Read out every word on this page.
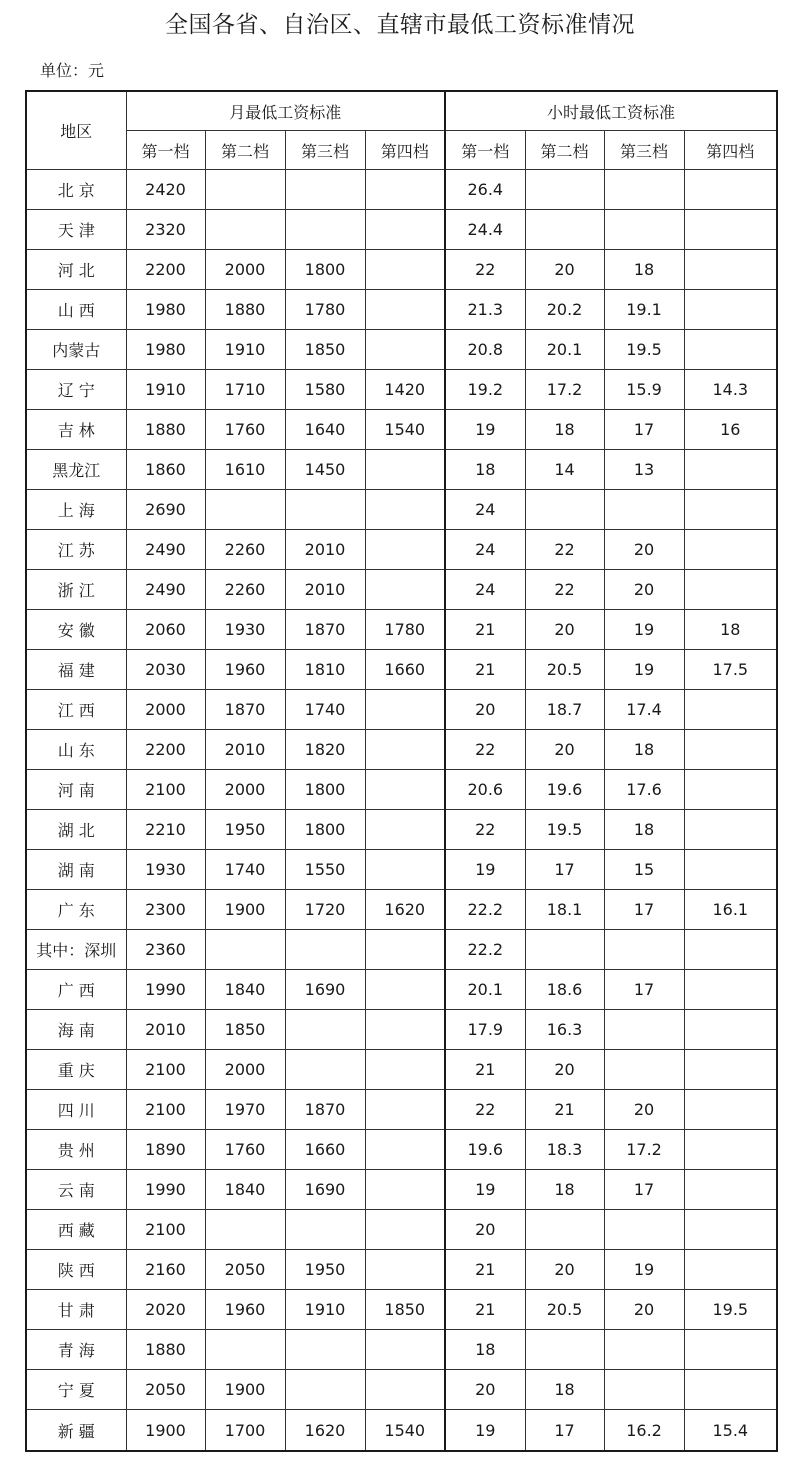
全国各省、自治区、直辖市最低工资标准情况
单位：元
地区	月最低工资标准				小时最低工资标准			
	第一档	第二档	第三档	第四档	第一档	第二档	第三档	第四档
北 京	2420				26.4			
天 津	2320				24.4			
河 北	2200	2000	1800		22	20	18	
山 西	1980	1880	1780		21.3	20.2	19.1	
内蒙古	1980	1910	1850		20.8	20.1	19.5	
辽 宁	1910	1710	1580	1420	19.2	17.2	15.9	14.3
吉 林	1880	1760	1640	1540	19	18	17	16
黑龙江	1860	1610	1450		18	14	13	
上 海	2690				24			
江 苏	2490	2260	2010		24	22	20	
浙 江	2490	2260	2010		24	22	20	
安 徽	2060	1930	1870	1780	21	20	19	18
福 建	2030	1960	1810	1660	21	20.5	19	17.5
江 西	2000	1870	1740		20	18.7	17.4	
山 东	2200	2010	1820		22	20	18	
河 南	2100	2000	1800		20.6	19.6	17.6	
湖 北	2210	1950	1800		22	19.5	18	
湖 南	1930	1740	1550		19	17	15	
广 东	2300	1900	1720	1620	22.2	18.1	17	16.1
其中：深圳	2360				22.2			
广 西	1990	1840	1690		20.1	18.6	17	
海 南	2010	1850			17.9	16.3		
重 庆	2100	2000			21	20		
四 川	2100	1970	1870		22	21	20	
贵 州	1890	1760	1660		19.6	18.3	17.2	
云 南	1990	1840	1690		19	18	17	
西 藏	2100				20			
陕 西	2160	2050	1950		21	20	19	
甘 肃	2020	1960	1910	1850	21	20.5	20	19.5
青 海	1880				18			
宁 夏	2050	1900			20	18		
新 疆	1900	1700	1620	1540	19	17	16.2	15.4
